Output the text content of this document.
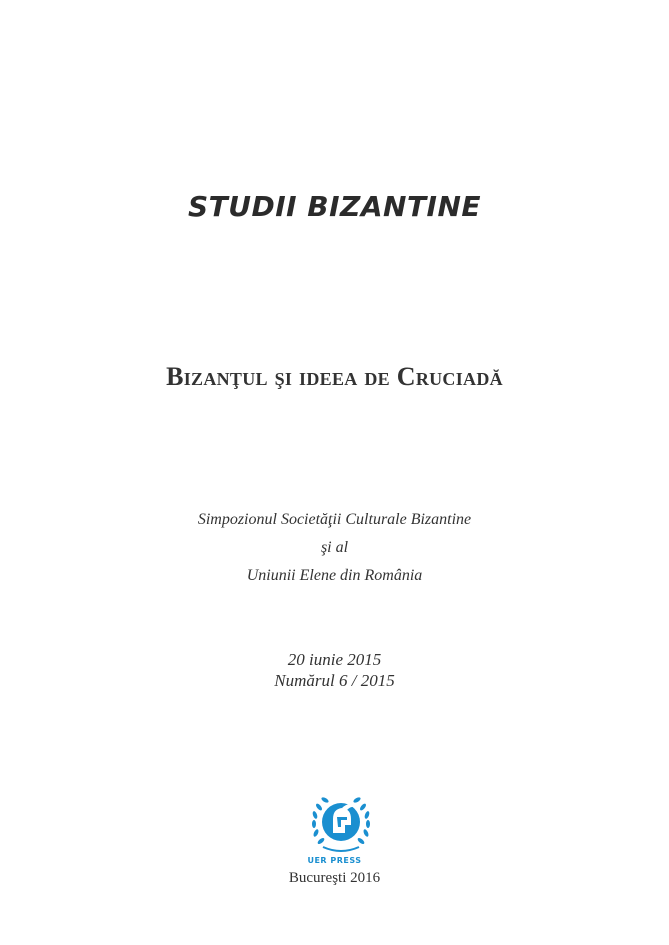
STUDII BIZANTINE
Bizanţul şi ideea de Cruciadă
Simpozionul Societăţii Culturale Bizantine
şi al
Uniunii Elene din România
20 iunie 2015
Numărul 6 / 2015
UER PRESS
Bucureşti 2016
